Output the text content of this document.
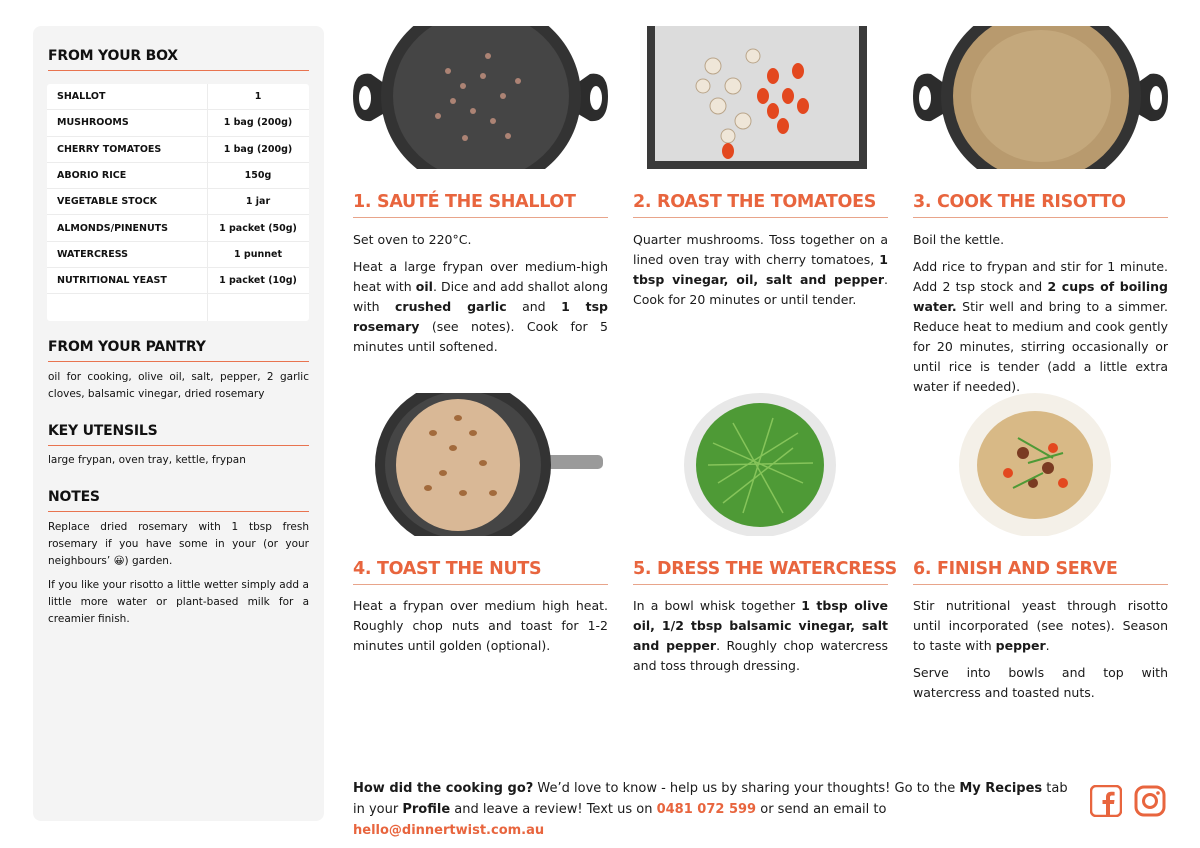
FROM YOUR BOX
SHALLOT	1
MUSHROOMS	1 bag (200g)
CHERRY TOMATOES	1 bag (200g)
ABORIO RICE	150g
VEGETABLE STOCK	1 jar
ALMONDS/PINENUTS	1 packet (50g)
WATERCRESS	1 punnet
NUTRITIONAL YEAST	1 packet (10g)
FROM YOUR PANTRY
oil for cooking, olive oil, salt, pepper, 2 garlic cloves, balsamic vinegar, dried rosemary
KEY UTENSILS
large frypan, oven tray, kettle, frypan
NOTES
Replace dried rosemary with 1 tbsp fresh rosemary if you have some in your (or your neighbours’ 😀) garden.
If you like your risotto a little wetter simply add a little more water or plant-based milk for a creamier finish.
1. SAUTÉ THE SHALLOT

Set oven to 220°C.

Heat a large frypan over medium-high heat with oil. Dice and add shallot along with crushed garlic and 1 tsp rosemary (see notes). Cook for 5 minutes until softened.

2. ROAST THE TOMATOES

Quarter mushrooms. Toss together on a lined oven tray with cherry tomatoes, 1 tbsp vinegar, oil, salt and pepper. Cook for 20 minutes or until tender.

3. COOK THE RISOTTO

Boil the kettle.

Add rice to frypan and stir for 1 minute. Add 2 tsp stock and 2 cups of boiling water. Stir well and bring to a simmer. Reduce heat to medium and cook gently for 20 minutes, stirring occasionally or until rice is tender (add a little extra water if needed).

4. TOAST THE NUTS

Heat a frypan over medium high heat. Roughly chop nuts and toast for 1-2 minutes until golden (optional).

5. DRESS THE WATERCRESS

In a bowl whisk together 1 tbsp olive oil, 1/2 tbsp balsamic vinegar, salt and pepper. Roughly chop watercress and toss through dressing.

6. FINISH AND SERVE

Stir nutritional yeast through risotto until incorporated (see notes). Season to taste with pepper.

Serve into bowls and top with watercress and toasted nuts.

How did the cooking go? We’d love to know - help us by sharing your thoughts! Go to the My Recipes tab in your Profile and leave a review! Text us on 0481 072 599 or send an email to hello@dinnertwist.com.au
